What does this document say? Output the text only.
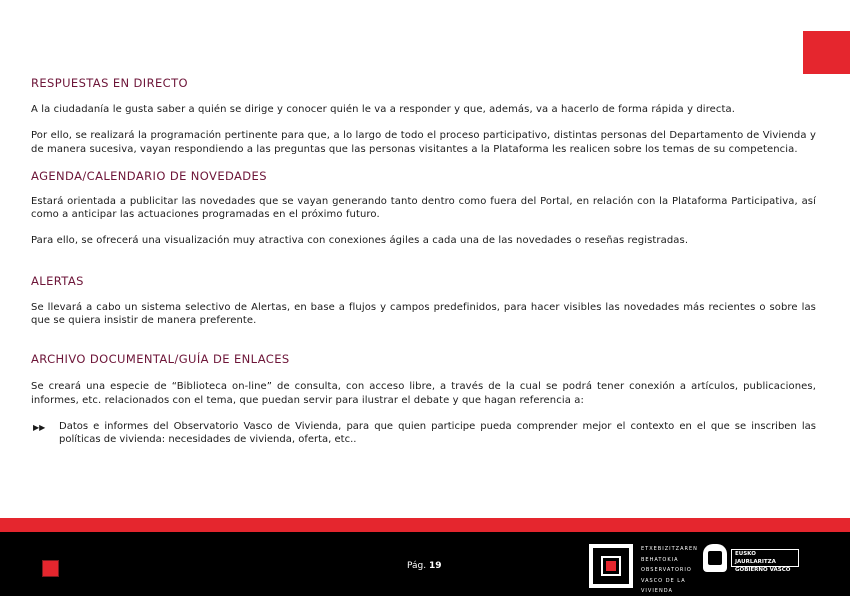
RESPUESTAS EN DIRECTO

A la ciudadanía le gusta saber a quién se dirige y conocer quién le va a responder y que, además, va a hacerlo de forma rápida y directa.

Por ello, se realizará la programación pertinente para que, a lo largo de todo el proceso participativo, distintas personas del Departamento de Vivienda y de manera sucesiva, vayan respondiendo a las preguntas que las personas visitantes a la Plataforma les realicen sobre los temas de su competencia.

AGENDA/CALENDARIO DE NOVEDADES

Estará orientada a publicitar las novedades que se vayan generando tanto dentro como fuera del Portal, en relación con la Plataforma Participativa, así como a anticipar las actuaciones programadas en el próximo futuro.

Para ello, se ofrecerá una visualización muy atractiva con conexiones ágiles a cada una de las novedades o reseñas registradas.

ALERTAS

Se llevará a cabo un sistema selectivo de Alertas, en base a flujos y campos predefinidos, para hacer visibles las novedades más recientes o sobre las que se quiera insistir de manera preferente.

ARCHIVO DOCUMENTAL/GUÍA DE ENLACES

Se creará una especie de “Biblioteca on-line” de consulta, con acceso libre, a través de la cual se podrá tener conexión a artículos, publicaciones, informes, etc. relacionados con el tema, que puedan servir para ilustrar el debate y que hagan referencia a:

▶▶ Datos e informes del Observatorio Vasco de Vivienda, para que quien participe pueda comprender mejor el contexto en el que se inscriben las políticas de vivienda: necesidades de vivienda, oferta, etc..
Pág. 19
ETXEBIZITZAREN
BEHATOKIA
OBSERVATORIO
VASCO DE LA
VIVIENDA
EUSKO JAURLARITZA
GOBIERNO VASCO
